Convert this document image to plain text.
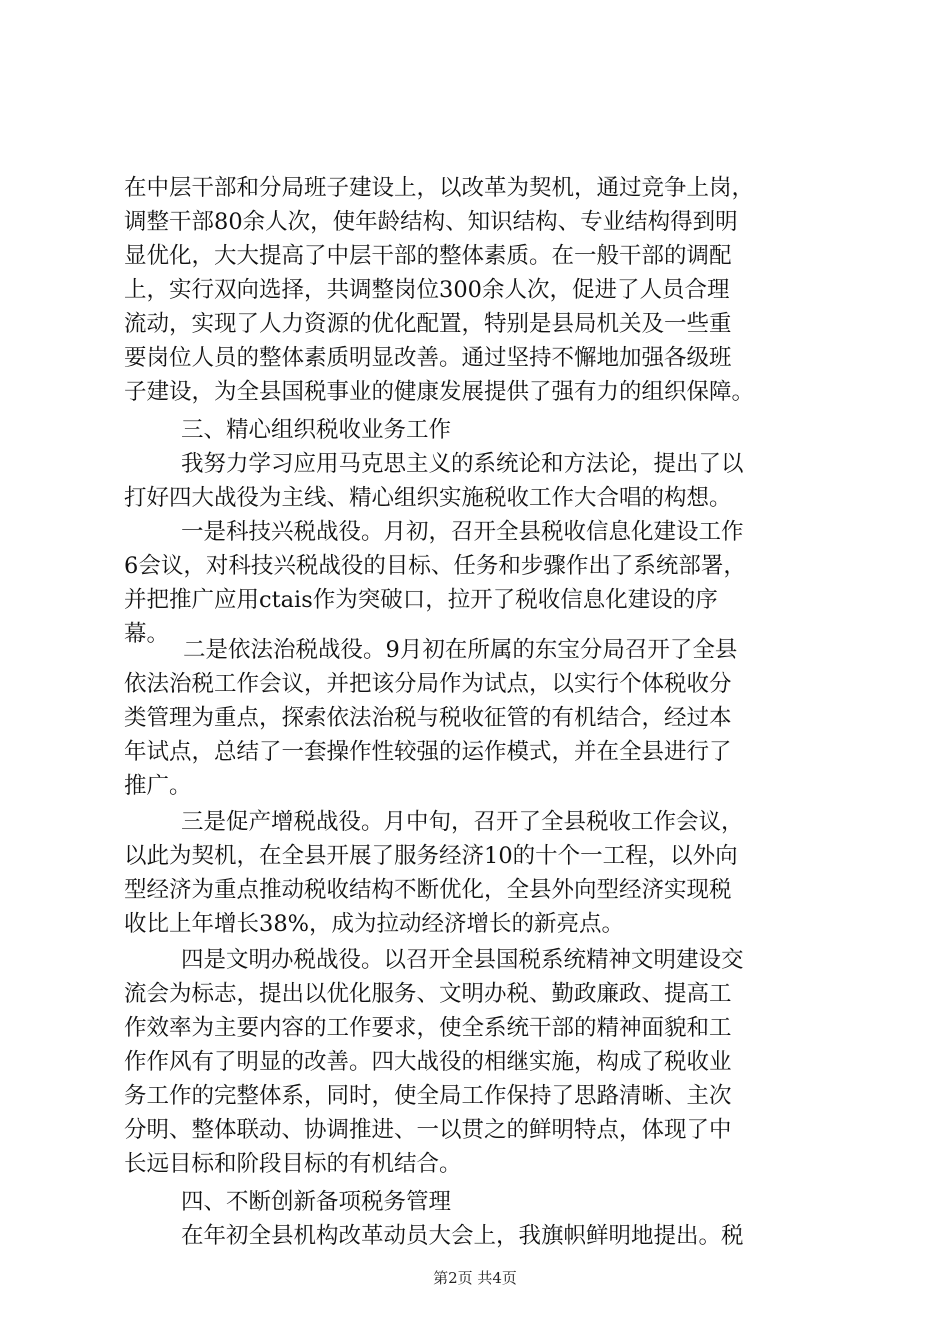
在中层干部和分局班子建设上，以改革为契机，通过竞争上岗，
调整干部80余人次，使年龄结构、知识结构、专业结构得到明
显优化，大大提高了中层干部的整体素质。在一般干部的调配
上，实行双向选择，共调整岗位300余人次，促进了人员合理
流动，实现了人力资源的优化配置，特别是县局机关及一些重
要岗位人员的整体素质明显改善。通过坚持不懈地加强各级班
子建设，为全县国税事业的健康发展提供了强有力的组织保障。
三、精心组织税收业务工作
我努力学习应用马克思主义的系统论和方法论，提出了以
打好四大战役为主线、精心组织实施税收工作大合唱的构想。
一是科技兴税战役。月初，召开全县税收信息化建设工作
6会议，对科技兴税战役的目标、任务和步骤作出了系统部署，
并把推广应用ctais作为突破口，拉开了税收信息化建设的序
幕。
二是依法治税战役。9月初在所属的东宝分局召开了全县
依法治税工作会议，并把该分局作为试点，以实行个体税收分
类管理为重点，探索依法治税与税收征管的有机结合，经过本
年试点，总结了一套操作性较强的运作模式，并在全县进行了
推广。
三是促产增税战役。月中旬，召开了全县税收工作会议，
以此为契机，在全县开展了服务经济10的十个一工程，以外向
型经济为重点推动税收结构不断优化，全县外向型经济实现税
收比上年增长38%，成为拉动经济增长的新亮点。
四是文明办税战役。以召开全县国税系统精神文明建设交
流会为标志，提出以优化服务、文明办税、勤政廉政、提高工
作效率为主要内容的工作要求，使全系统干部的精神面貌和工
作作风有了明显的改善。四大战役的相继实施，构成了税收业
务工作的完整体系，同时，使全局工作保持了思路清晰、主次
分明、整体联动、协调推进、一以贯之的鲜明特点，体现了中
长远目标和阶段目标的有机结合。
四、不断创新备项税务管理
在年初全县机构改革动员大会上，我旗帜鲜明地提出。税
第2页 共4页
